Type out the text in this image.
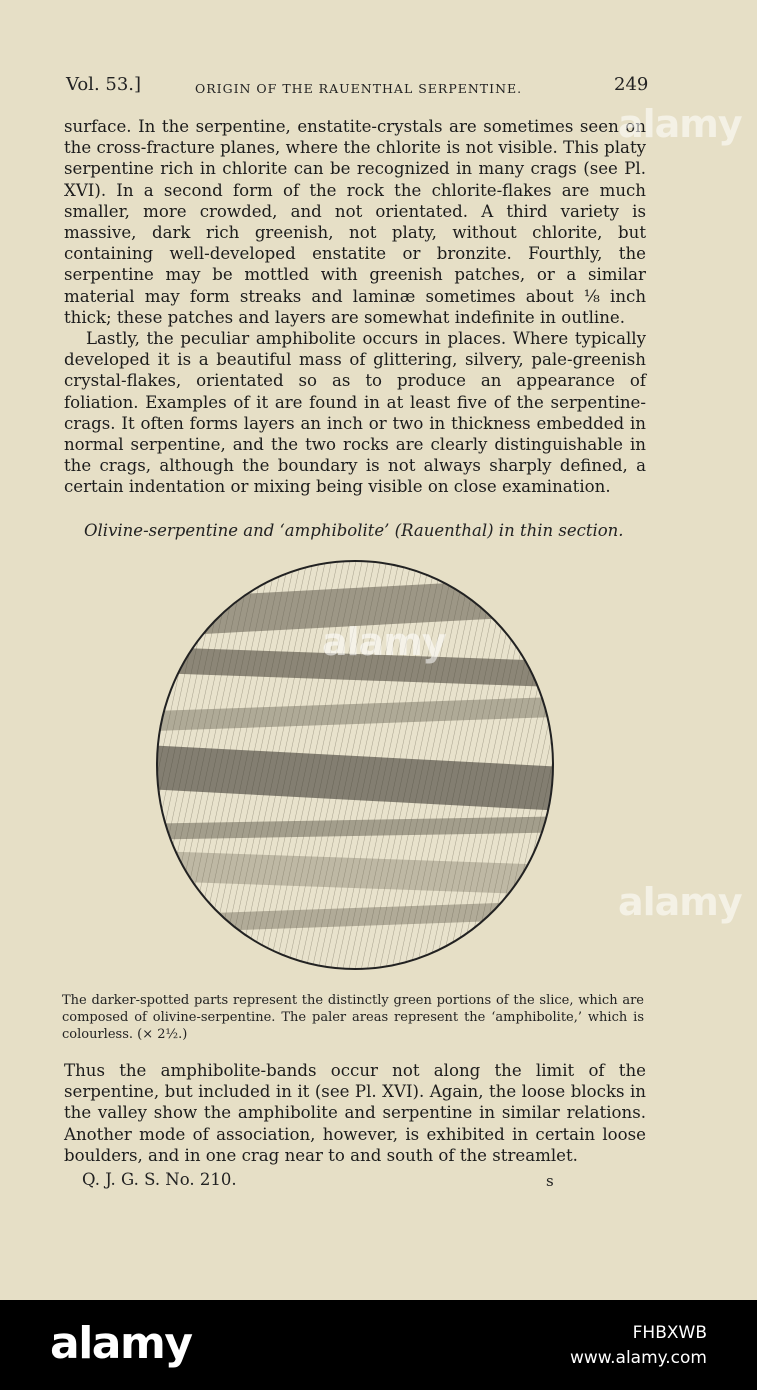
Vol. 53.]	ORIGIN OF THE RAUENTHAL SERPENTINE.	249

surface. In the serpentine, enstatite-crystals are sometimes seen on the cross-fracture planes, where the chlorite is not visible. This platy serpentine rich in chlorite can be recognized in many crags (see Pl. XVI). In a second form of the rock the chlorite-flakes are much smaller, more crowded, and not orientated. A third variety is massive, dark rich greenish, not platy, without chlorite, but containing well-developed enstatite or bronzite. Fourthly, the serpentine may be mottled with greenish patches, or a similar material may form streaks and laminæ sometimes about ⅛ inch thick; these patches and layers are somewhat indefinite in outline.

Lastly, the peculiar amphibolite occurs in places. Where typically developed it is a beautiful mass of glittering, silvery, pale-greenish crystal-flakes, orientated so as to produce an appearance of foliation. Examples of it are found in at least five of the serpentine-crags. It often forms layers an inch or two in thickness embedded in normal serpentine, and the two rocks are clearly distinguishable in the crags, although the boundary is not always sharply defined, a certain indentation or mixing being visible on close examination.

Olivine-serpentine and ‘amphibolite’ (Rauenthal) in thin section.

The darker-spotted parts represent the distinctly green portions of the slice, which are composed of olivine-serpentine. The paler areas represent the ‘amphibolite,’ which is colourless. (× 2½.)

Thus the amphibolite-bands occur not along the limit of the serpentine, but included in it (see Pl. XVI). Again, the loose blocks in the valley show the amphibolite and serpentine in similar relations. Another mode of association, however, is exhibited in certain loose boulders, and in one crag near to and south of the streamlet.

Q. J. G. S. No. 210.	s
alamy
alamy
alamy
alamy	FHBXWB
www.alamy.com
